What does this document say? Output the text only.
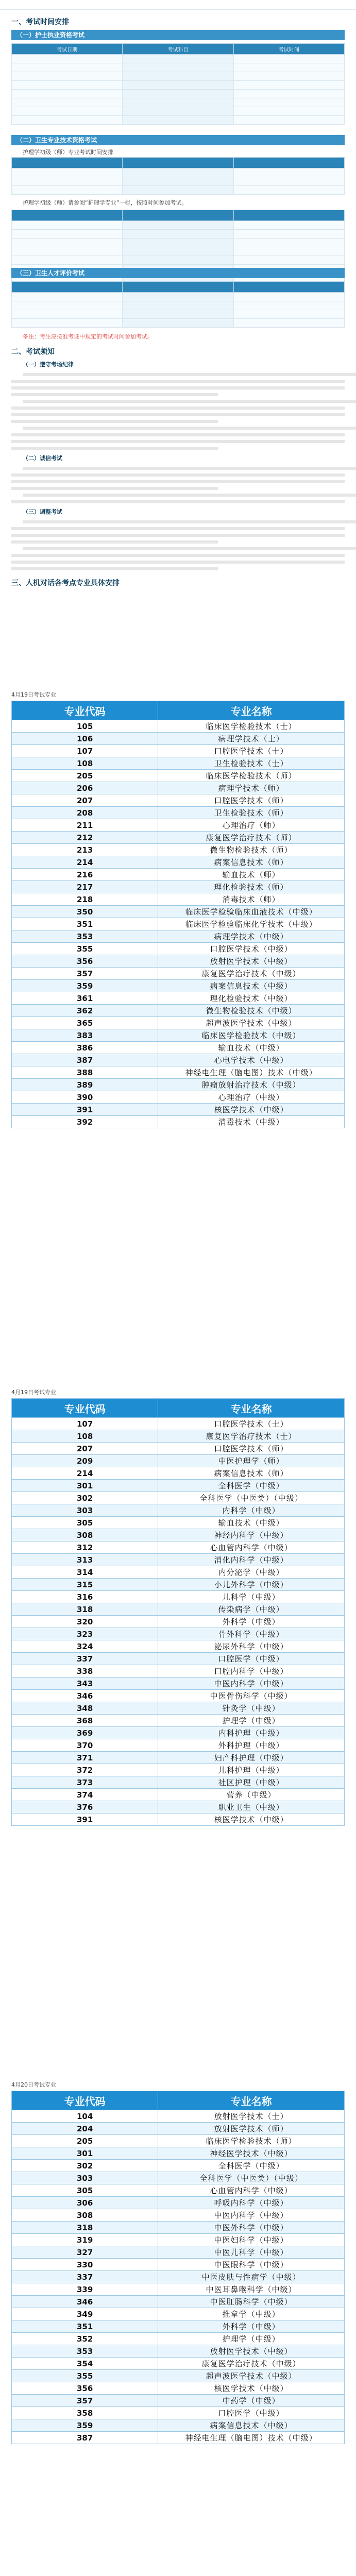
一、考试时间安排
（一）护士执业资格考试
考试日期	考试科目	考试时间

（二）卫生专业技术资格考试
护理学初级（师）专业考试时间安排

护理学初级（师）请参阅“护理学专业”一栏，按照时间参加考试。

（三）卫生人才评价考试

备注：考生应按准考证中规定的考试时间参加考试。
二、考试须知
（一）遵守考场纪律
（二）诚信考试
（三）调整考试
三、人机对话各考点专业具体安排
4月19日考试专业
专业代码	专业名称
105	临床医学检验技术（士）
106	病理学技术（士）
107	口腔医学技术（士）
108	卫生检验技术（士）
205	临床医学检验技术（师）
206	病理学技术（师）
207	口腔医学技术（师）
208	卫生检验技术（师）
211	心理治疗（师）
212	康复医学治疗技术（师）
213	微生物检验技术（师）
214	病案信息技术（师）
216	输血技术（师）
217	理化检验技术（师）
218	消毒技术（师）
350	临床医学检验临床血液技术（中级）
351	临床医学检验临床化学技术（中级）
353	病理学技术（中级）
355	口腔医学技术（中级）
356	放射医学技术（中级）
357	康复医学治疗技术（中级）
359	病案信息技术（中级）
361	理化检验技术（中级）
362	微生物检验技术（中级）
365	超声波医学技术（中级）
383	临床医学检验技术（中级）
386	输血技术（中级）
387	心电学技术（中级）
388	神经电生理（脑电图）技术（中级）
389	肿瘤放射治疗技术（中级）
390	心理治疗（中级）
391	核医学技术（中级）
392	消毒技术（中级）
4月19日考试专业
专业代码	专业名称
107	口腔医学技术（士）
108	康复医学治疗技术（士）
207	口腔医学技术（师）
209	中医护理学（师）
214	病案信息技术（师）
301	全科医学（中级）
302	全科医学（中医类）（中级）
303	内科学（中级）
305	输血技术（中级）
308	神经内科学（中级）
312	心血管内科学（中级）
313	消化内科学（中级）
314	内分泌学（中级）
315	小儿外科学（中级）
316	儿科学（中级）
318	传染病学（中级）
320	外科学（中级）
323	骨外科学（中级）
324	泌尿外科学（中级）
337	口腔医学（中级）
338	口腔内科学（中级）
343	中医内科学（中级）
346	中医骨伤科学（中级）
348	针灸学（中级）
368	护理学（中级）
369	内科护理（中级）
370	外科护理（中级）
371	妇产科护理（中级）
372	儿科护理（中级）
373	社区护理（中级）
374	营养（中级）
376	职业卫生（中级）
391	核医学技术（中级）
4月20日考试专业
专业代码	专业名称
104	放射医学技术（士）
204	放射医学技术（师）
205	临床医学检验技术（师）
301	神经医学技术（中级）
302	全科医学（中级）
303	全科医学（中医类）（中级）
305	心血管内科学（中级）
306	呼吸内科学（中级）
308	中医内科学（中级）
318	中医外科学（中级）
319	中医妇科学（中级）
327	中医儿科学（中级）
330	中医眼科学（中级）
337	中医皮肤与性病学（中级）
339	中医耳鼻喉科学（中级）
346	中医肛肠科学（中级）
349	推拿学（中级）
351	外科学（中级）
352	护理学（中级）
353	放射医学技术（中级）
354	康复医学治疗技术（中级）
355	超声波医学技术（中级）
356	核医学技术（中级）
357	中药学（中级）
358	口腔医学（中级）
359	病案信息技术（中级）
387	神经电生理（脑电图）技术（中级）
